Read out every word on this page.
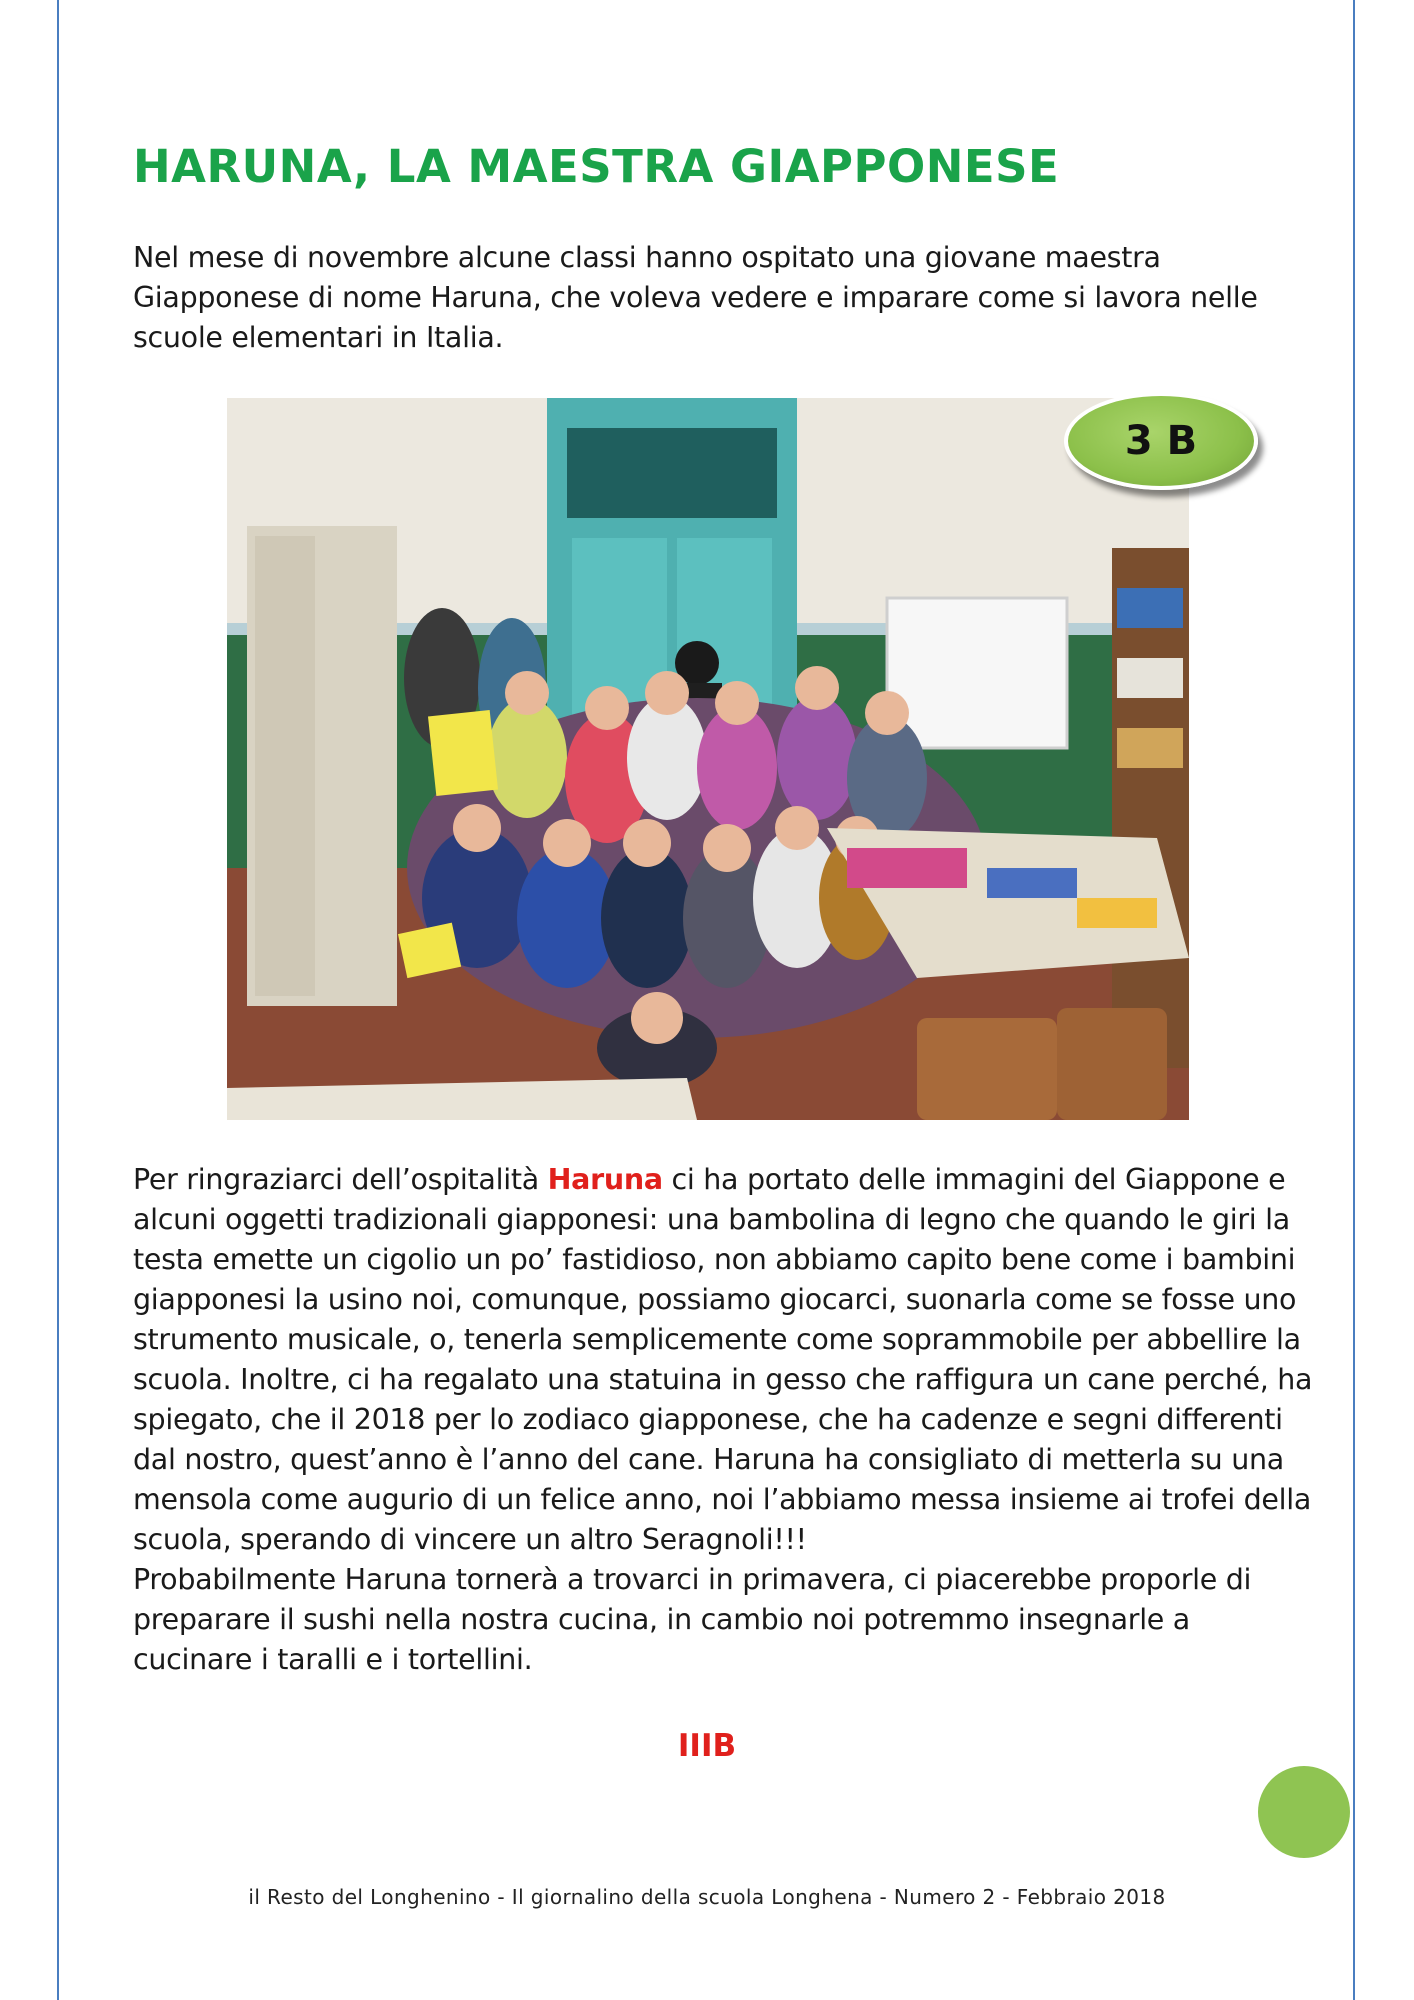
HARUNA, LA MAESTRA GIAPPONESE

Nel mese di novembre alcune classi hanno ospitato una giovane maestra Giapponese di nome Haruna, che voleva vedere e imparare come si lavora nelle scuole elementari in Italia.

3 B

Per ringraziarci dell’ospitalità Haruna ci ha portato delle immagini del Giappone e alcuni oggetti tradizionali giapponesi: una bambolina di legno che quando le giri la testa emette un cigolio un po’ fastidioso, non abbiamo capito bene come i bambini giapponesi la usino noi, comunque, possiamo giocarci, suonarla come se fosse uno strumento musicale, o, tenerla semplicemente come soprammobile per abbellire la scuola. Inoltre, ci ha regalato una statuina in gesso che raffigura un cane perché, ha spiegato, che il 2018 per lo zodiaco giapponese, che ha cadenze e segni differenti dal nostro, quest’anno è l’anno del cane. Haruna ha consigliato di metterla su una mensola come augurio di un felice anno, noi l’abbiamo messa insieme ai trofei della scuola, sperando di vincere un altro Seragnoli!!!
Probabilmente Haruna tornerà a trovarci in primavera, ci piacerebbe proporle di preparare il sushi nella nostra cucina, in cambio noi potremmo insegnarle a cucinare i taralli e i tortellini.

IIIB
il Resto del Longhenino - Il giornalino della scuola Longhena - Numero 2 - Febbraio 2018
